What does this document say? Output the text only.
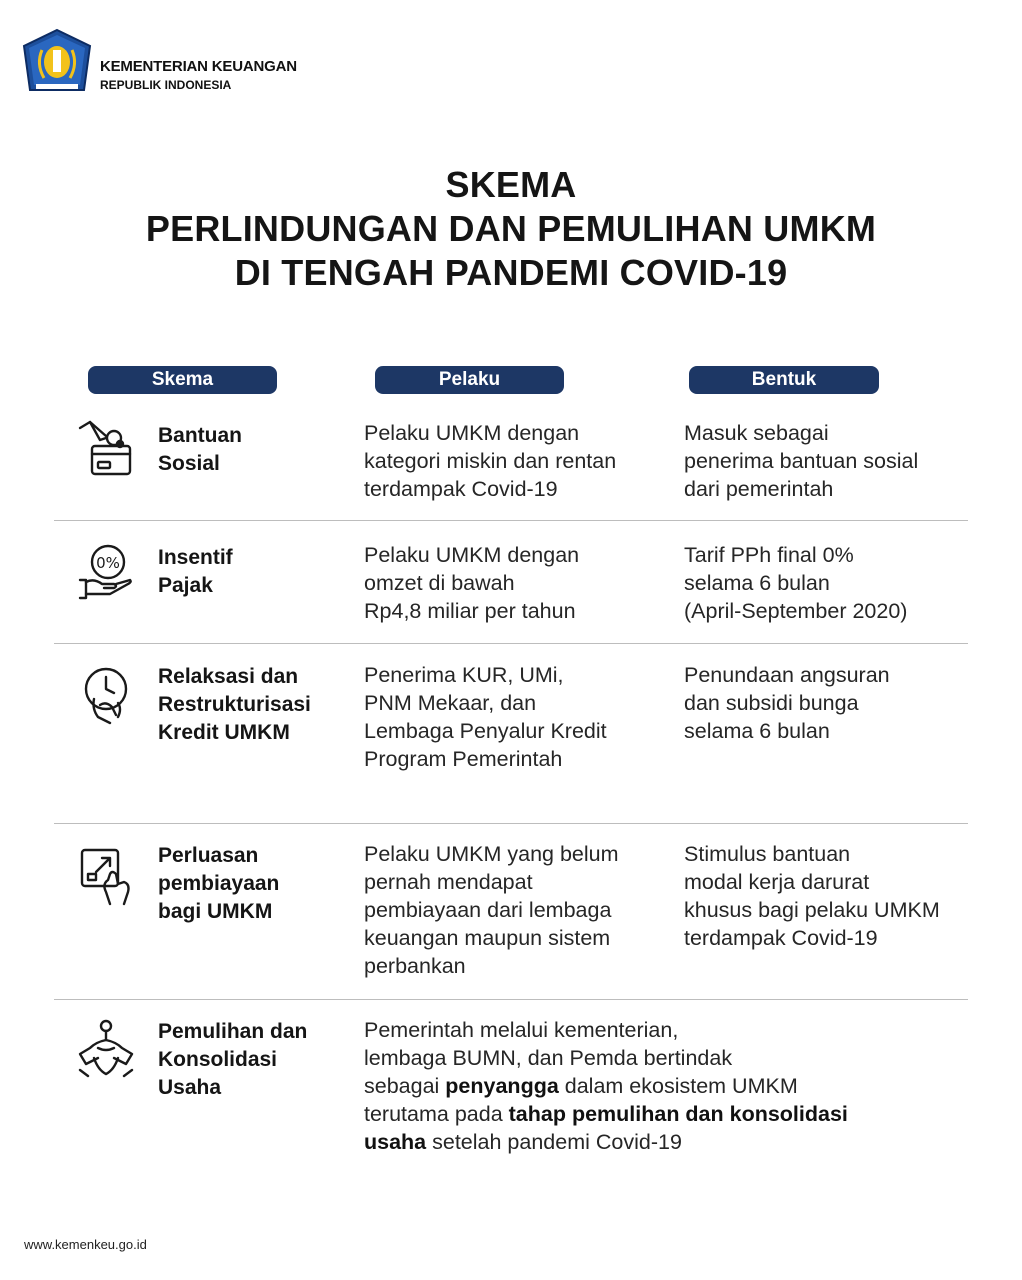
KEMENTERIAN KEUANGAN
REPUBLIK INDONESIA
SKEMA
PERLINDUNGAN DAN PEMULIHAN UMKM
DI TENGAH PANDEMI COVID-19
Skema	Pelaku	Bentuk
Bantuan
Sosial
Pelaku UMKM dengan
kategori miskin dan rentan
terdampak Covid-19
Masuk sebagai
penerima bantuan sosial
dari pemerintah
0% Insentif
Pajak
Pelaku UMKM dengan
omzet di bawah
Rp4,8 miliar per tahun
Tarif PPh final 0%
selama 6 bulan
(April-September 2020)
Relaksasi dan
Restrukturisasi
Kredit UMKM
Penerima KUR, UMi,
PNM Mekaar, dan
Lembaga Penyalur Kredit
Program Pemerintah
Penundaan angsuran
dan subsidi bunga
selama 6 bulan
Perluasan
pembiayaan
bagi UMKM
Pelaku UMKM yang belum
pernah mendapat
pembiayaan dari lembaga
keuangan maupun sistem
perbankan
Stimulus bantuan
modal kerja darurat
khusus bagi pelaku UMKM
terdampak Covid-19
Pemulihan dan
Konsolidasi
Usaha
Pemerintah melalui kementerian,
lembaga BUMN, dan Pemda bertindak
sebagai penyangga dalam ekosistem UMKM
terutama pada tahap pemulihan dan konsolidasi
usaha setelah pandemi Covid-19
www.kemenkeu.go.id
